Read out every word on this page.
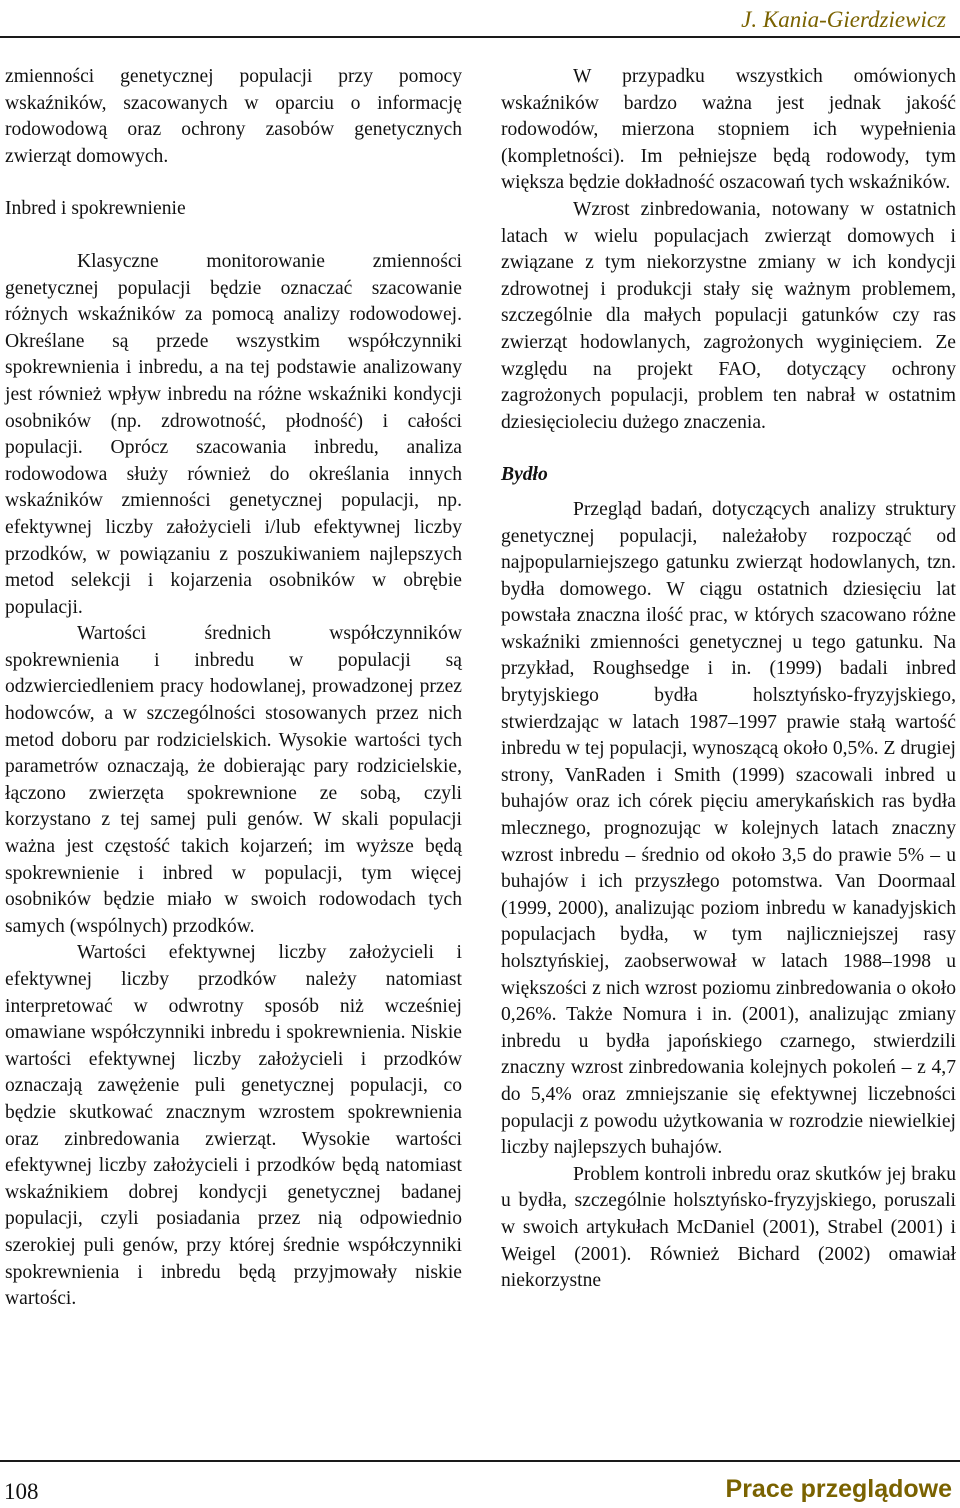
J. Kania-Gierdziewicz

zmienności genetycznej populacji przy pomocy wskaźników, szacowanych w oparciu o informację rodowodową oraz ochrony zasobów genetycznych zwierząt domowych.

Inbred i spokrewnienie

Klasyczne monitorowanie zmienności genetycznej populacji będzie oznaczać szacowanie różnych wskaźników za pomocą analizy rodowodowej. Określane są przede wszystkim współczynniki spokrewnienia i inbredu, a na tej podstawie analizowany jest również wpływ inbredu na różne wskaźniki kondycji osobników (np. zdrowotność, płodność) i całości populacji. Oprócz szacowania inbredu, analiza rodowodowa służy również do określania innych wskaźników zmienności genetycznej populacji, np. efektywnej liczby założycieli i/lub efektywnej liczby przodków, w powiązaniu z poszukiwaniem najlepszych metod selekcji i kojarzenia osobników w obrębie populacji.

Wartości średnich współczynników spokrewnienia i inbredu w populacji są odzwierciedleniem pracy hodowlanej, prowadzonej przez hodowców, a w szczególności stosowanych przez nich metod doboru par rodzicielskich. Wysokie wartości tych parametrów oznaczają, że dobierając pary rodzicielskie, łączono zwierzęta spokrewnione ze sobą, czyli korzystano z tej samej puli genów. W skali populacji ważna jest częstość takich kojarzeń; im wyższe będą spokrewnienie i inbred w populacji, tym więcej osobników będzie miało w swoich rodowodach tych samych (wspólnych) przodków.

Wartości efektywnej liczby założycieli i efektywnej liczby przodków należy natomiast interpretować w odwrotny sposób niż wcześniej omawiane współczynniki inbredu i spokrewnienia. Niskie wartości efektywnej liczby założycieli i przodków oznaczają zawężenie puli genetycznej populacji, co będzie skutkować znacznym wzrostem spokrewnienia oraz zinbredowania zwierząt. Wysokie wartości efektywnej liczby założycieli i przodków będą natomiast wskaźnikiem dobrej kondycji genetycznej badanej populacji, czyli posiadania przez nią odpowiednio szerokiej puli genów, przy której średnie współczynniki spokrewnienia i inbredu będą przyjmowały niskie wartości.

W przypadku wszystkich omówionych wskaźników bardzo ważna jest jednak jakość rodowodów, mierzona stopniem ich wypełnienia (kompletności). Im pełniejsze będą rodowody, tym większa będzie dokładność oszacowań tych wskaźników.

Wzrost zinbredowania, notowany w ostatnich latach w wielu populacjach zwierząt domowych i związane z tym niekorzystne zmiany w ich kondycji zdrowotnej i produkcji stały się ważnym problemem, szczególnie dla małych populacji gatunków czy ras zwierząt hodowlanych, zagrożonych wyginięciem. Ze względu na projekt FAO, dotyczący ochrony zagrożonych populacji, problem ten nabrał w ostatnim dziesięcioleciu dużego znaczenia.

Bydło

Przegląd badań, dotyczących analizy struktury genetycznej populacji, należałoby rozpocząć od najpopularniejszego gatunku zwierząt hodowlanych, tzn. bydła domowego. W ciągu ostatnich dziesięciu lat powstała znaczna ilość prac, w których szacowano różne wskaźniki zmienności genetycznej u tego gatunku. Na przykład, Roughsedge i in. (1999) badali inbred brytyjskiego bydła holsztyńsko-fryzyjskiego, stwierdzając w latach 1987–1997 prawie stałą wartość inbredu w tej populacji, wynoszącą około 0,5%. Z drugiej strony, VanRaden i Smith (1999) szacowali inbred u buhajów oraz ich córek pięciu amerykańskich ras bydła mlecznego, prognozując w kolejnych latach znaczny wzrost inbredu – średnio od około 3,5 do prawie 5% – u buhajów i ich przyszłego potomstwa. Van Doormaal (1999, 2000), analizując poziom inbredu w kanadyjskich populacjach bydła, w tym najliczniejszej rasy holsztyńskiej, zaobserwował w latach 1988–1998 u większości z nich wzrost poziomu zinbredowania o około 0,26%. Także Nomura i in. (2001), analizując zmiany inbredu u bydła japońskiego czarnego, stwierdzili znaczny wzrost zinbredowania kolejnych pokoleń – z 4,7 do 5,4% oraz zmniejszanie się efektywnej liczebności populacji z powodu użytkowania w rozrodzie niewielkiej liczby najlepszych buhajów.

Problem kontroli inbredu oraz skutków jej braku u bydła, szczególnie holsztyńsko-fryzyjskiego, poruszali w swoich artykułach McDaniel (2001), Strabel (2001) i Weigel (2001). Również Bichard (2002) omawiał niekorzystne

108	Prace przeglądowe
